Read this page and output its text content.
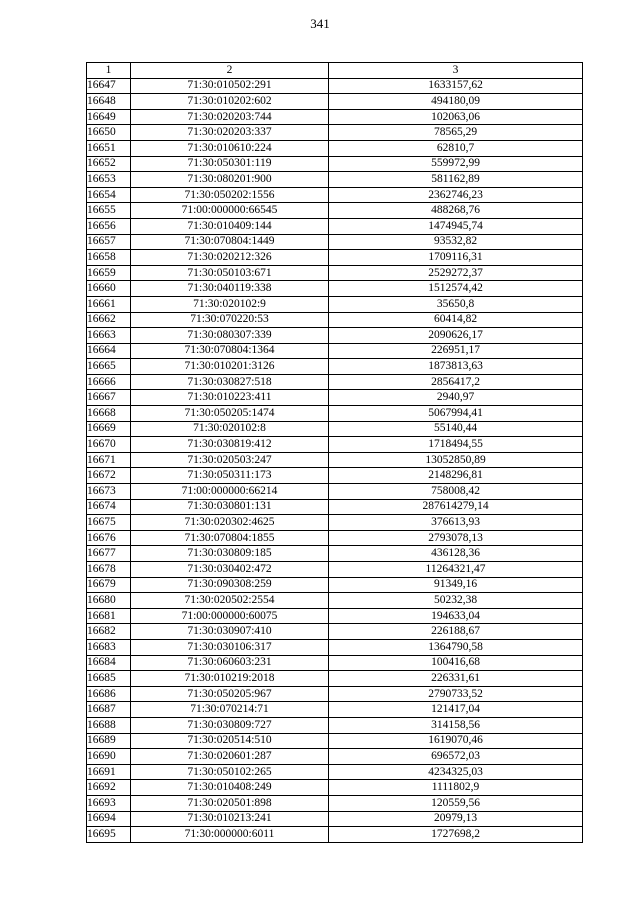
341
1	2	3
16647	71:30:010502:291	1633157,62
16648	71:30:010202:602	494180,09
16649	71:30:020203:744	102063,06
16650	71:30:020203:337	78565,29
16651	71:30:010610:224	62810,7
16652	71:30:050301:119	559972,99
16653	71:30:080201:900	581162,89
16654	71:30:050202:1556	2362746,23
16655	71:00:000000:66545	488268,76
16656	71:30:010409:144	1474945,74
16657	71:30:070804:1449	93532,82
16658	71:30:020212:326	1709116,31
16659	71:30:050103:671	2529272,37
16660	71:30:040119:338	1512574,42
16661	71:30:020102:9	35650,8
16662	71:30:070220:53	60414,82
16663	71:30:080307:339	2090626,17
16664	71:30:070804:1364	226951,17
16665	71:30:010201:3126	1873813,63
16666	71:30:030827:518	2856417,2
16667	71:30:010223:411	2940,97
16668	71:30:050205:1474	5067994,41
16669	71:30:020102:8	55140,44
16670	71:30:030819:412	1718494,55
16671	71:30:020503:247	13052850,89
16672	71:30:050311:173	2148296,81
16673	71:00:000000:66214	758008,42
16674	71:30:030801:131	287614279,14
16675	71:30:020302:4625	376613,93
16676	71:30:070804:1855	2793078,13
16677	71:30:030809:185	436128,36
16678	71:30:030402:472	11264321,47
16679	71:30:090308:259	91349,16
16680	71:30:020502:2554	50232,38
16681	71:00:000000:60075	194633,04
16682	71:30:030907:410	226188,67
16683	71:30:030106:317	1364790,58
16684	71:30:060603:231	100416,68
16685	71:30:010219:2018	226331,61
16686	71:30:050205:967	2790733,52
16687	71:30:070214:71	121417,04
16688	71:30:030809:727	314158,56
16689	71:30:020514:510	1619070,46
16690	71:30:020601:287	696572,03
16691	71:30:050102:265	4234325,03
16692	71:30:010408:249	1111802,9
16693	71:30:020501:898	120559,56
16694	71:30:010213:241	20979,13
16695	71:30:000000:6011	1727698,2
